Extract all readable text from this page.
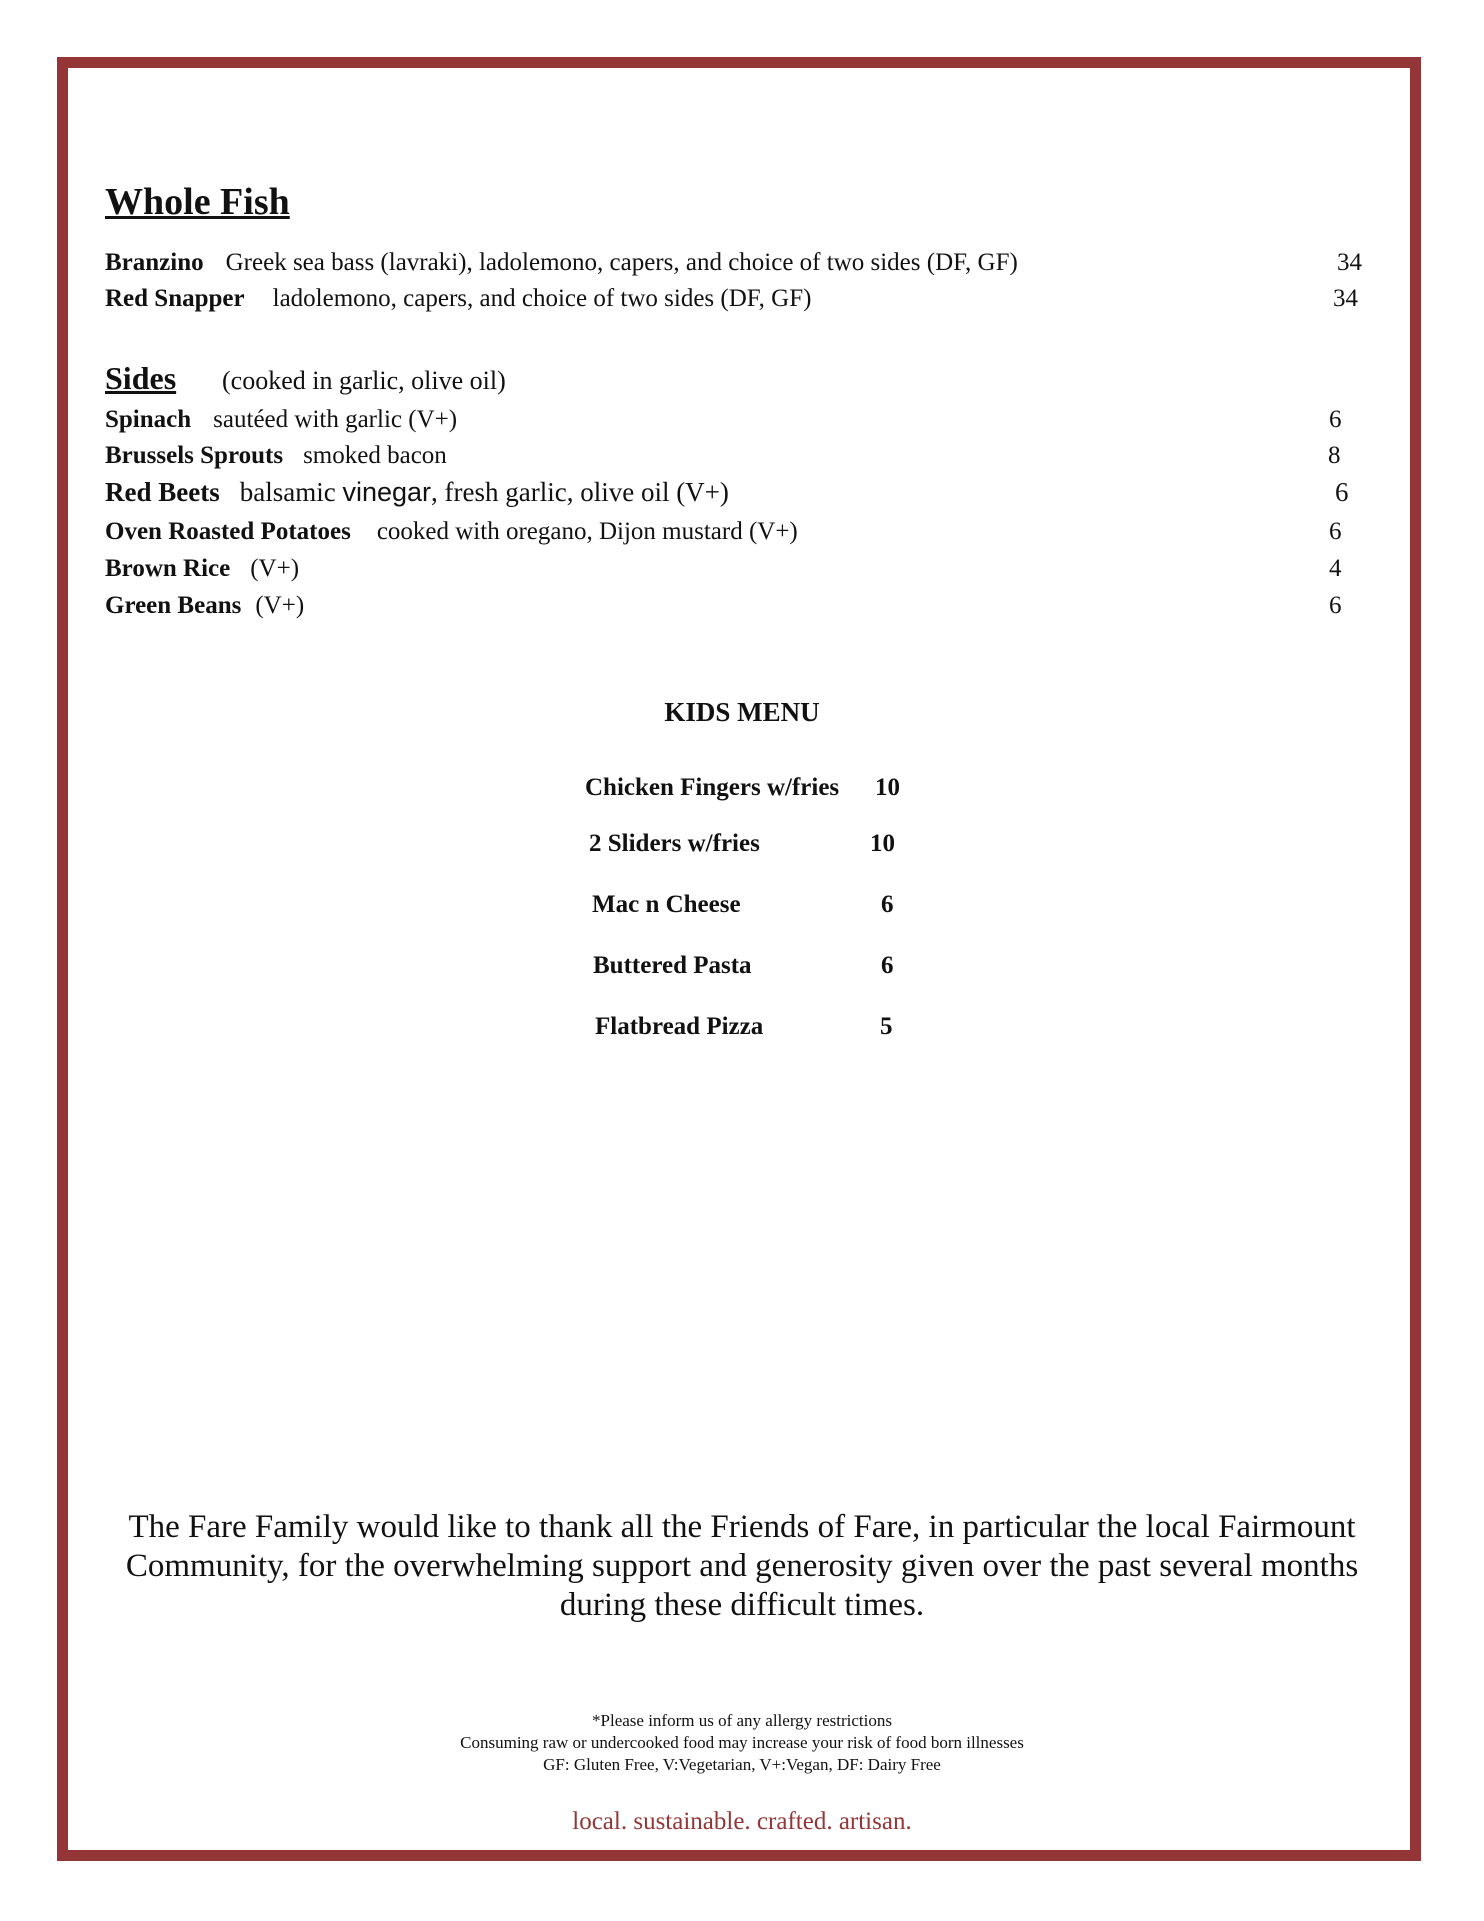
Whole Fish
Branzino Greek sea bass (lavraki), ladolemono, capers, and choice of two sides (DF, GF)	34
Red Snapper ladolemono, capers, and choice of two sides (DF, GF)	34
Sides (cooked in garlic, olive oil)
Spinach sautéed with garlic (V+)	6
Brussels Sprouts smoked bacon	8
Red Beets balsamic vinegar, fresh garlic, olive oil (V+)	6
Oven Roasted Potatoes cooked with oregano, Dijon mustard (V+)	6
Brown Rice (V+)	4
Green Beans (V+)	6
KIDS MENU
Chicken Fingers w/fries 10
2 Sliders w/fries	10
Mac n Cheese	6
Buttered Pasta	6
Flatbread Pizza	5
The Fare Family would like to thank all the Friends of Fare, in particular the local Fairmount
Community, for the overwhelming support and generosity given over the past several months
during these difficult times.
*Please inform us of any allergy restrictions
Consuming raw or undercooked food may increase your risk of food born illnesses
GF: Gluten Free, V:Vegetarian, V+:Vegan, DF: Dairy Free
local. sustainable. crafted. artisan.
